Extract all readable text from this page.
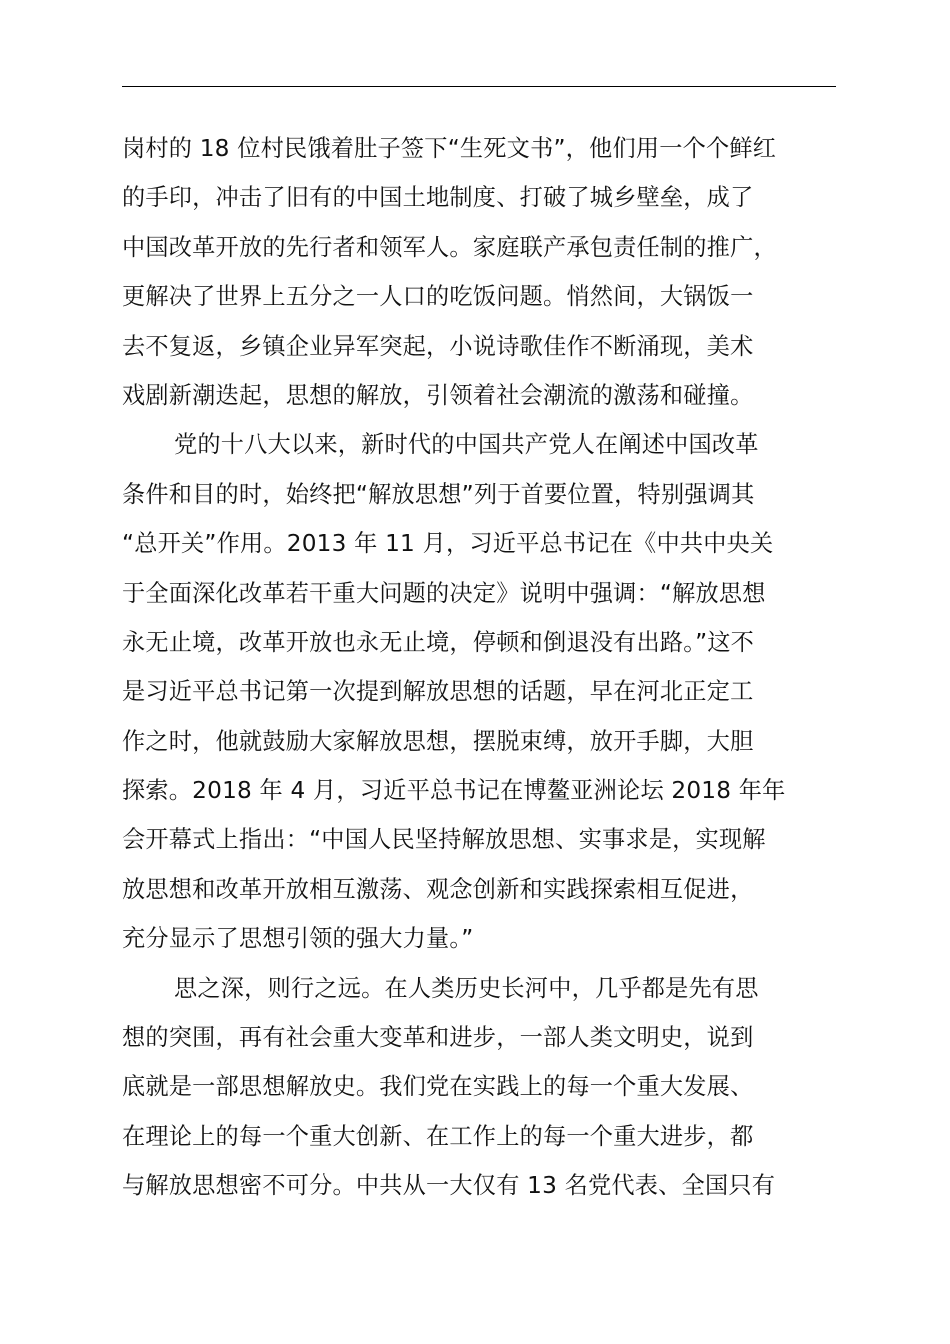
岗村的 18 位村民饿着肚子签下“生死文书”，他们用一个个鲜红
的手印，冲击了旧有的中国土地制度、打破了城乡壁垒，成了
中国改革开放的先行者和领军人。家庭联产承包责任制的推广，
更解决了世界上五分之一人口的吃饭问题。悄然间，大锅饭一
去不复返，乡镇企业异军突起，小说诗歌佳作不断涌现，美术
戏剧新潮迭起，思想的解放，引领着社会潮流的激荡和碰撞。
党的十八大以来，新时代的中国共产党人在阐述中国改革
条件和目的时，始终把“解放思想”列于首要位置，特别强调其
“总开关”作用。2013 年 11 月，习近平总书记在《中共中央关
于全面深化改革若干重大问题的决定》说明中强调：“解放思想
永无止境，改革开放也永无止境，停顿和倒退没有出路。”这不
是习近平总书记第一次提到解放思想的话题，早在河北正定工
作之时，他就鼓励大家解放思想，摆脱束缚，放开手脚，大胆
探索。2018 年 4 月，习近平总书记在博鳌亚洲论坛 2018 年年
会开幕式上指出：“中国人民坚持解放思想、实事求是，实现解
放思想和改革开放相互激荡、观念创新和实践探索相互促进，
充分显示了思想引领的强大力量。”
思之深，则行之远。在人类历史长河中，几乎都是先有思
想的突围，再有社会重大变革和进步，一部人类文明史，说到
底就是一部思想解放史。我们党在实践上的每一个重大发展、
在理论上的每一个重大创新、在工作上的每一个重大进步，都
与解放思想密不可分。中共从一大仅有 13 名党代表、全国只有
